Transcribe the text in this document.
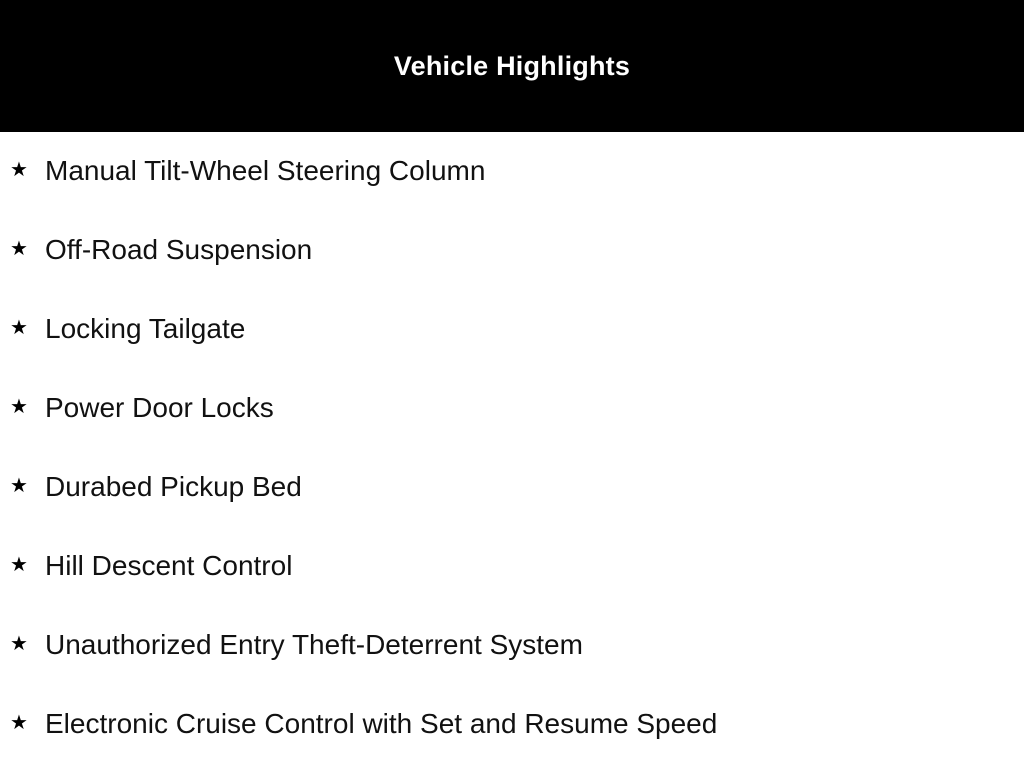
Vehicle Highlights
★ Manual Tilt-Wheel Steering Column
★ Off-Road Suspension
★ Locking Tailgate
★ Power Door Locks
★ Durabed Pickup Bed
★ Hill Descent Control
★ Unauthorized Entry Theft-Deterrent System
★ Electronic Cruise Control with Set and Resume Speed
